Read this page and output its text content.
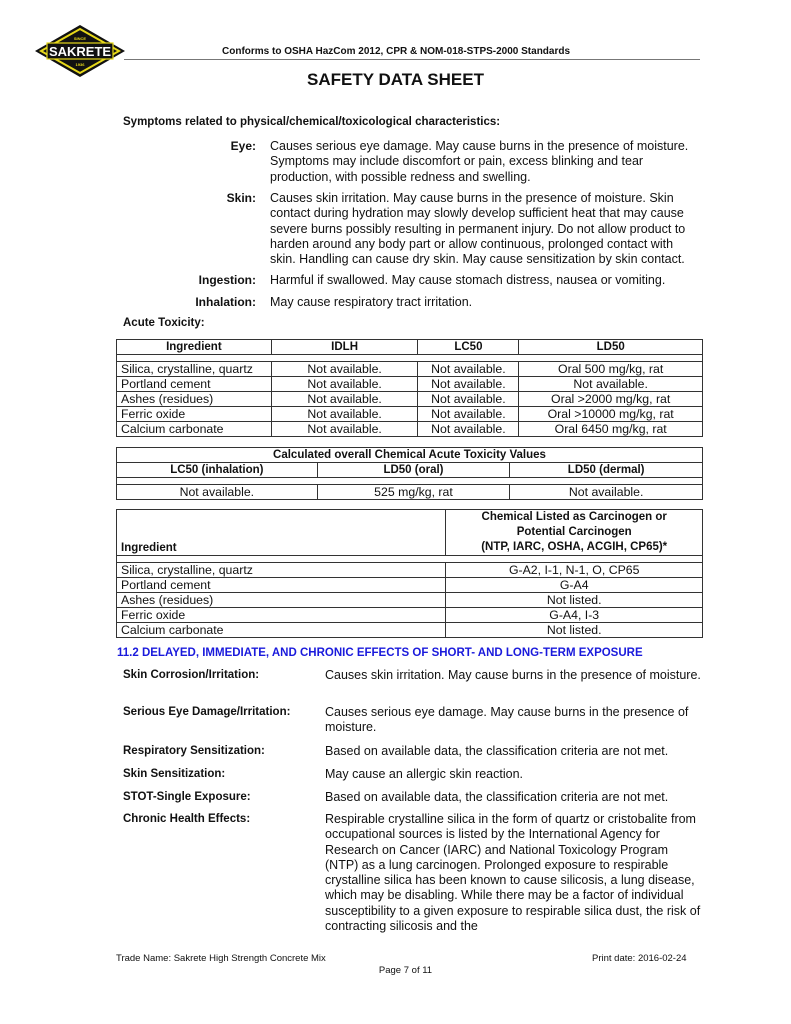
SINCE
SAKRETE
1936
Conforms to OSHA HazCom 2012, CPR & NOM-018-STPS-2000 Standards
SAFETY DATA SHEET
Symptoms related to physical/chemical/toxicological characteristics:
Eye: Causes serious eye damage. May cause burns in the presence of moisture. Symptoms may include discomfort or pain, excess blinking and tear production, with possible redness and swelling.
Skin: Causes skin irritation. May cause burns in the presence of moisture. Skin contact during hydration may slowly develop sufficient heat that may cause severe burns possibly resulting in permanent injury. Do not allow product to harden around any body part or allow continuous, prolonged contact with skin. Handling can cause dry skin. May cause sensitization by skin contact.
Ingestion: Harmful if swallowed. May cause stomach distress, nausea or vomiting.
Inhalation: May cause respiratory tract irritation.
Acute Toxicity:
Ingredient	IDLH	LC50	LD50

Silica, crystalline, quartz	Not available.	Not available.	Oral 500 mg/kg, rat
Portland cement	Not available.	Not available.	Not available.
Ashes (residues)	Not available.	Not available.	Oral >2000 mg/kg, rat
Ferric oxide	Not available.	Not available.	Oral >10000 mg/kg, rat
Calcium carbonate	Not available.	Not available.	Oral 6450 mg/kg, rat
Calculated overall Chemical Acute Toxicity Values		
LC50 (inhalation)	LD50 (oral)	LD50 (dermal)

Not available.	525 mg/kg, rat	Not available.
Ingredient	Chemical Listed as Carcinogen or
Potential Carcinogen
(NTP, IARC, OSHA, ACGIH, CP65)*

Silica, crystalline, quartz	G-A2, I-1, N-1, O, CP65
Portland cement	G-A4
Ashes (residues)	Not listed.
Ferric oxide	G-A4, I-3
Calcium carbonate	Not listed.
11.2 DELAYED, IMMEDIATE, AND CHRONIC EFFECTS OF SHORT- AND LONG-TERM EXPOSURE
Skin Corrosion/Irritation:	Causes skin irritation. May cause burns in the presence of moisture.
Serious Eye Damage/Irritation:	Causes serious eye damage. May cause burns in the presence of moisture.
Respiratory Sensitization:	Based on available data, the classification criteria are not met.
Skin Sensitization:	May cause an allergic skin reaction.
STOT-Single Exposure:	Based on available data, the classification criteria are not met.
Chronic Health Effects:	Respirable crystalline silica in the form of quartz or cristobalite from occupational sources is listed by the International Agency for Research on Cancer (IARC) and National Toxicology Program (NTP) as a lung carcinogen. Prolonged exposure to respirable crystalline silica has been known to cause silicosis, a lung disease, which may be disabling. While there may be a factor of individual susceptibility to a given exposure to respirable silica dust, the risk of contracting silicosis and the
Trade Name: Sakrete High Strength Concrete Mix	Print date: 2016-02-24
Page 7 of 11
